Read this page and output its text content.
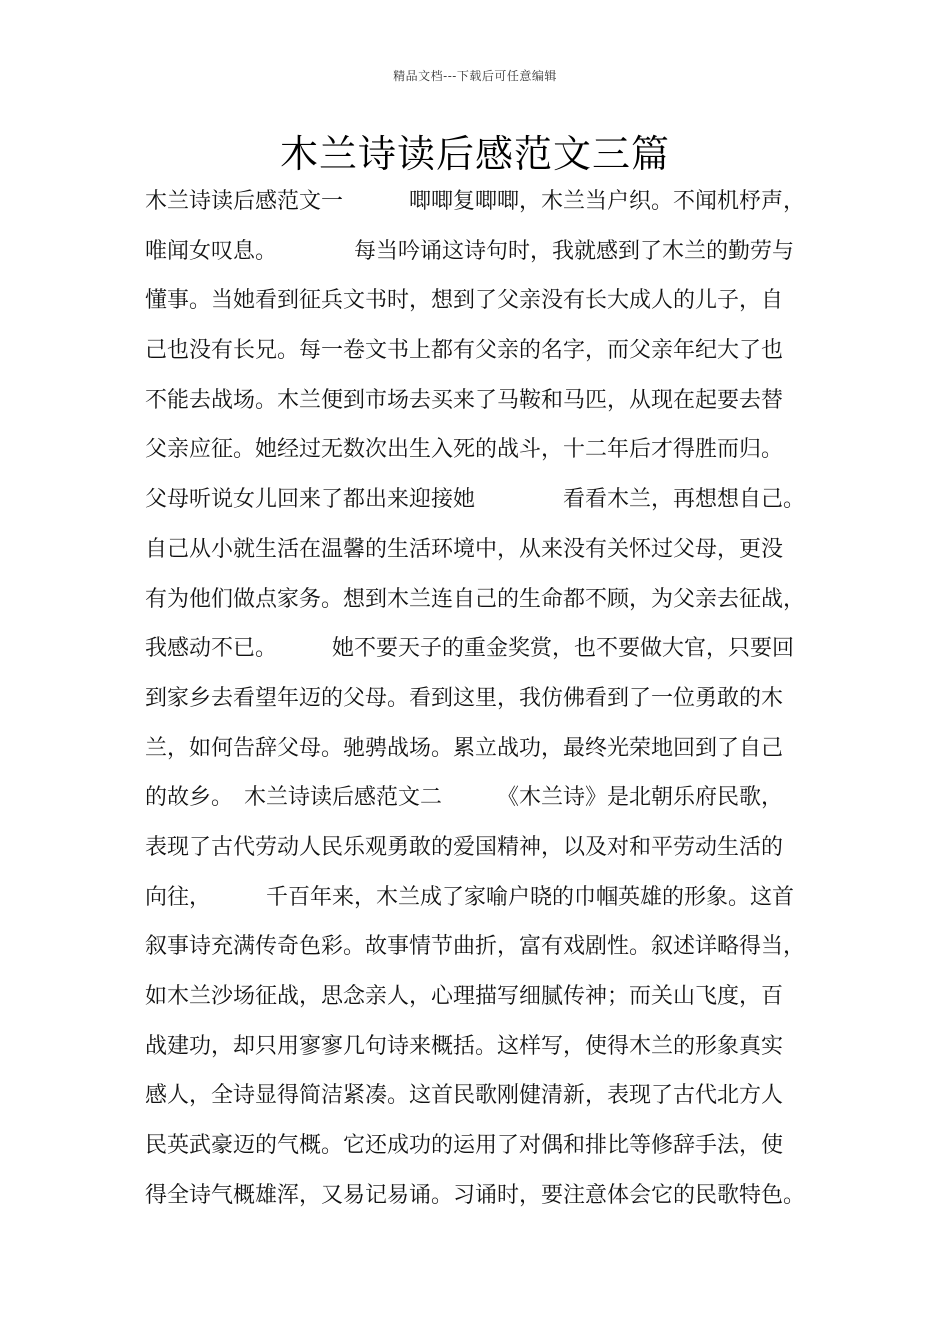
精品文档---下载后可任意编辑
木兰诗读后感范文三篇
木兰诗读后感范文一　　　唧唧复唧唧，木兰当户织。不闻机杼声，
唯闻女叹息。　　　　每当吟诵这诗句时，我就感到了木兰的勤劳与
懂事。当她看到征兵文书时，想到了父亲没有长大成人的儿子，自
己也没有长兄。每一卷文书上都有父亲的名字，而父亲年纪大了也
不能去战场。木兰便到市场去买来了马鞍和马匹，从现在起要去替
父亲应征。她经过无数次出生入死的战斗，十二年后才得胜而归。
父母听说女儿回来了都出来迎接她　　　　看看木兰，再想想自己。
自己从小就生活在温馨的生活环境中，从来没有关怀过父母，更没
有为他们做点家务。想到木兰连自己的生命都不顾，为父亲去征战，
我感动不已。　　　她不要天子的重金奖赏，也不要做大官，只要回
到家乡去看望年迈的父母。看到这里，我仿佛看到了一位勇敢的木
兰，如何告辞父母。驰骋战场。累立战功，最终光荣地回到了自己
的故乡。　木兰诗读后感范文二　　　《木兰诗》是北朝乐府民歌，
表现了古代劳动人民乐观勇敢的爱国精神，以及对和平劳动生活的
向往，　　　千百年来，木兰成了家喻户晓的巾帼英雄的形象。这首
叙事诗充满传奇色彩。故事情节曲折，富有戏剧性。叙述详略得当，
如木兰沙场征战，思念亲人，心理描写细腻传神；而关山飞度，百
战建功，却只用寥寥几句诗来概括。这样写，使得木兰的形象真实
感人，全诗显得简洁紧凑。这首民歌刚健清新，表现了古代北方人
民英武豪迈的气概。它还成功的运用了对偶和排比等修辞手法，使
得全诗气概雄浑，又易记易诵。习诵时，要注意体会它的民歌特色。
